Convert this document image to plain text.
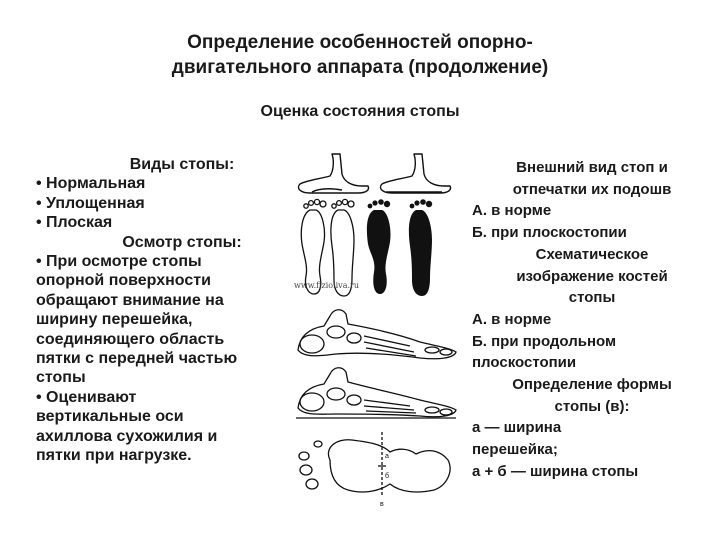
Определение особенностей опорно-
двигательного аппарата (продолжение)
Оценка состояния стопы
Виды стопы:
• Нормальная
• Уплощенная
• Плоская
Осмотр стопы:
• При осмотре стопы
опорной поверхности
обращают внимание на
ширину перешейка,
соединяющего область
пятки с передней частью
стопы
• Оценивают
вертикальные оси
ахиллова сухожилия и
пятки при нагрузке.
www.fizioliva.ru
а
б
в
Внешний вид стоп и
отпечатки их подошв
А. в норме
Б. при плоскостопии
Схематическое
изображение костей
стопы
А. в норме
Б. при продольном
плоскостопии
Определение формы
стопы (в):
а — ширина
перешейка;
а + б — ширина стопы
